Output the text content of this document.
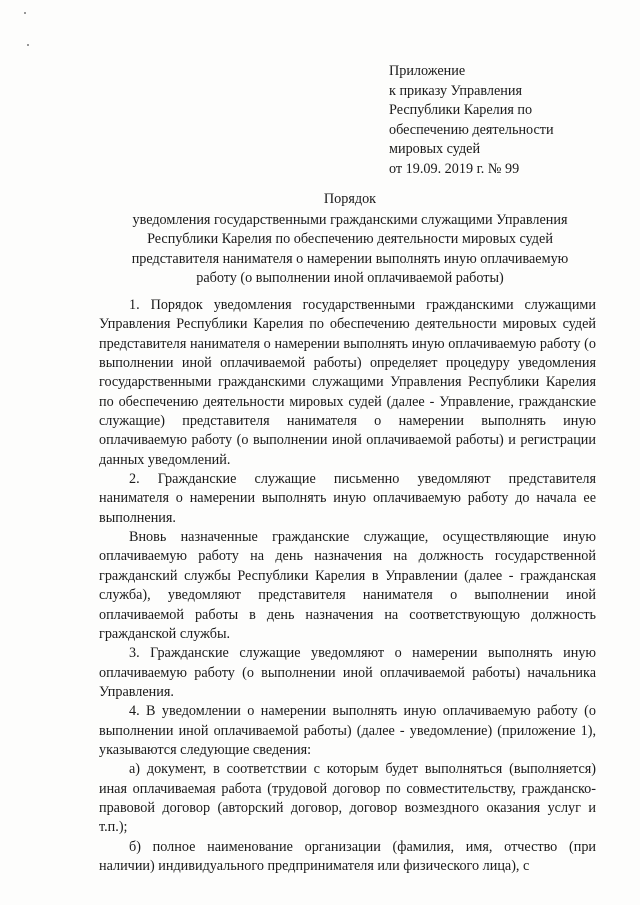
Приложение
к приказу Управления
Республики Карелия по
обеспечению деятельности
мировых судей
от 19.09. 2019 г. № 99
Порядок
уведомления государственными гражданскими служащими Управления
Республики Карелия по обеспечению деятельности мировых судей
представителя нанимателя о намерении выполнять иную оплачиваемую
работу (о выполнении иной оплачиваемой работы)

1. Порядок уведомления государственными гражданскими служащими Управления Республики Карелия по обеспечению деятельности мировых судей представителя нанимателя о намерении выполнять иную оплачиваемую работу (о выполнении иной оплачиваемой работы) определяет процедуру уведомления государственными гражданскими служащими Управления Республики Карелия по обеспечению деятельности мировых судей (далее - Управление, гражданские служащие) представителя нанимателя о намерении выполнять иную оплачиваемую работу (о выполнении иной оплачиваемой работы) и регистрации данных уведомлений.

2. Гражданские служащие письменно уведомляют представителя нанимателя о намерении выполнять иную оплачиваемую работу до начала ее выполнения.

Вновь назначенные гражданские служащие, осуществляющие иную оплачиваемую работу на день назначения на должность государственной гражданский службы Республики Карелия в Управлении (далее - гражданская служба), уведомляют представителя нанимателя о выполнении иной оплачиваемой работы в день назначения на соответствующую должность гражданской службы.

3. Гражданские служащие уведомляют о намерении выполнять иную оплачиваемую работу (о выполнении иной оплачиваемой работы) начальника Управления.

4. В уведомлении о намерении выполнять иную оплачиваемую работу (о выполнении иной оплачиваемой работы) (далее - уведомление) (приложение 1), указываются следующие сведения:

а) документ, в соответствии с которым будет выполняться (выполняется) иная оплачиваемая работа (трудовой договор по совместительству, гражданско-правовой договор (авторский договор, договор возмездного оказания услуг и т.п.);

б) полное наименование организации (фамилия, имя, отчество (при наличии) индивидуального предпринимателя или физического лица), с
